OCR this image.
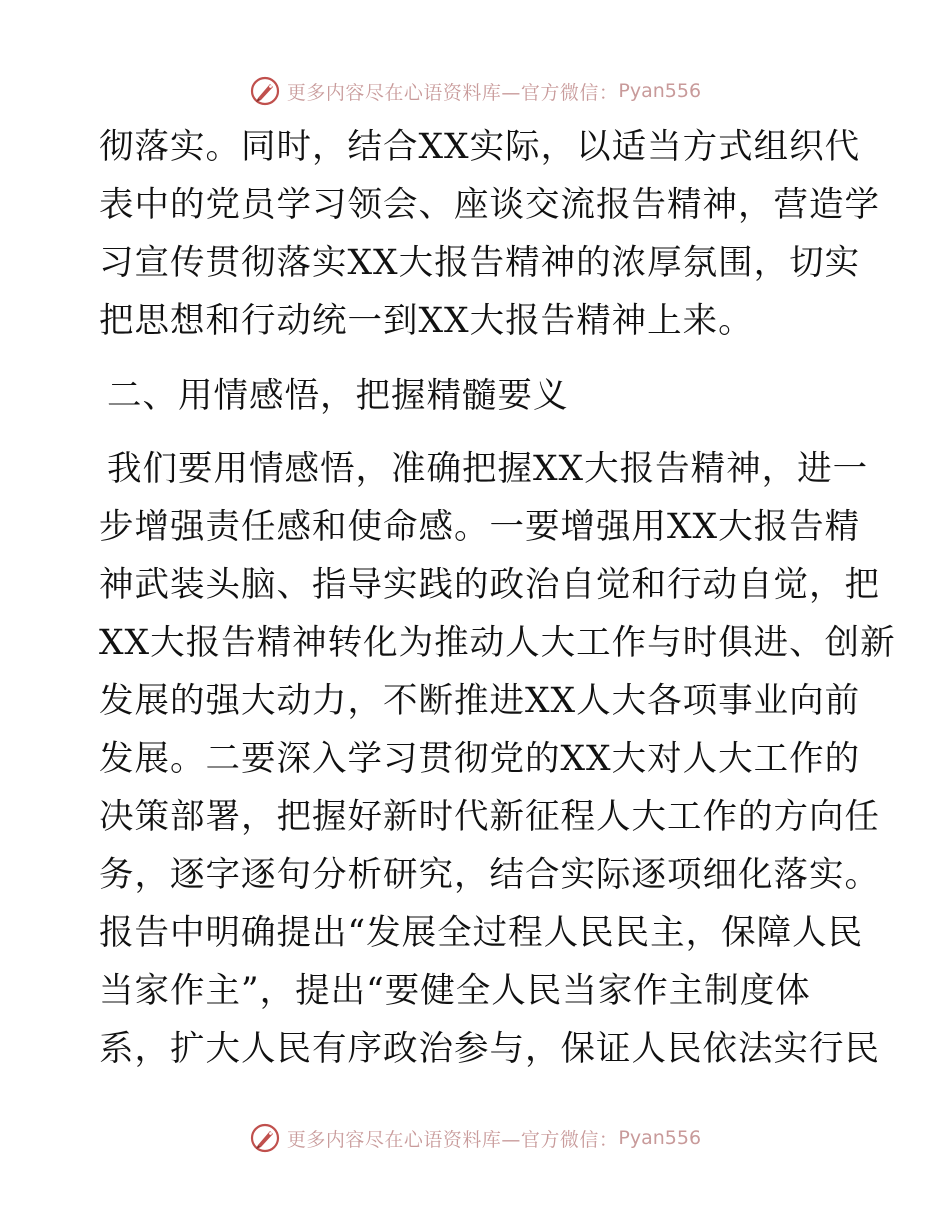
更多内容尽在心语资料库—官方微信： Pyan556
彻落实。同时，结合XX实际，以适当方式组织代
表中的党员学习领会、座谈交流报告精神，营造学
习宣传贯彻落实XX大报告精神的浓厚氛围，切实
把思想和行动统一到XX大报告精神上来。
二、用情感悟，把握精髓要义
我们要用情感悟，准确把握XX大报告精神，进一
步增强责任感和使命感。一要增强用XX大报告精
神武装头脑、指导实践的政治自觉和行动自觉，把
XX大报告精神转化为推动人大工作与时俱进、创新
发展的强大动力，不断推进XX人大各项事业向前
发展。二要深入学习贯彻党的XX大对人大工作的
决策部署，把握好新时代新征程人大工作的方向任
务，逐字逐句分析研究，结合实际逐项细化落实。
报告中明确提出“发展全过程人民民主，保障人民
当家作主”，提出“要健全人民当家作主制度体
系，扩大人民有序政治参与，保证人民依法实行民
更多内容尽在心语资料库—官方微信： Pyan556
